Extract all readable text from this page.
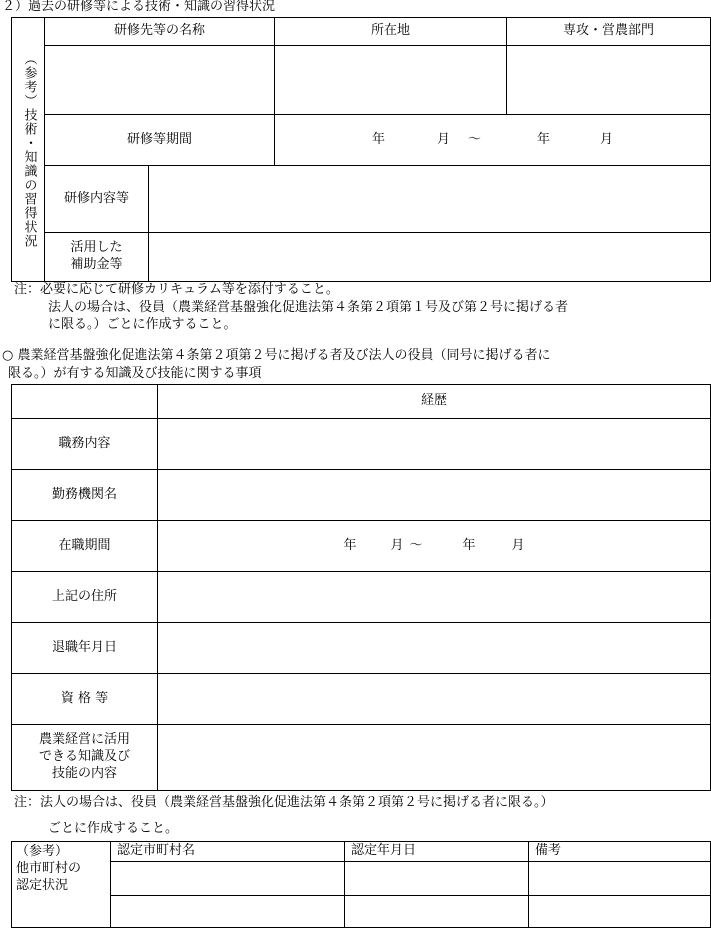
２）過去の研修等による技術・知識の習得状況
（参考）技術・知識の習得状況	研修先等の名称		所在地	専攻・営農部門

	研修等期間		年 月 ～ 年 月	
	研修内容等			

	活用した
補助金等			

注：必要に応じて研修カリキュラム等を添付すること。
法人の場合は、役員（農業経営基盤強化促進法第４条第２項第１号及び第２号に掲げる者
に限る。）ごとに作成すること。
○ 農業経営基盤強化促進法第４条第２項第２号に掲げる者及び法人の役員（同号に掲げる者に
限る。）が有する知識及び技能に関する事項
	経歴
職務内容	
勤務機関名	
在職期間	年 月 ～ 年 月
上記の住所	
退職年月日	
資 格 等	

農業経営に活用
できる知識及び
技能の内容	

注：法人の場合は、役員（農業経営基盤強化促進法第４条第２項第２号に掲げる者に限る。）
ごとに作成すること。
（参考）
他市町村の
認定状況	認定市町村名	認定年月日	備考
